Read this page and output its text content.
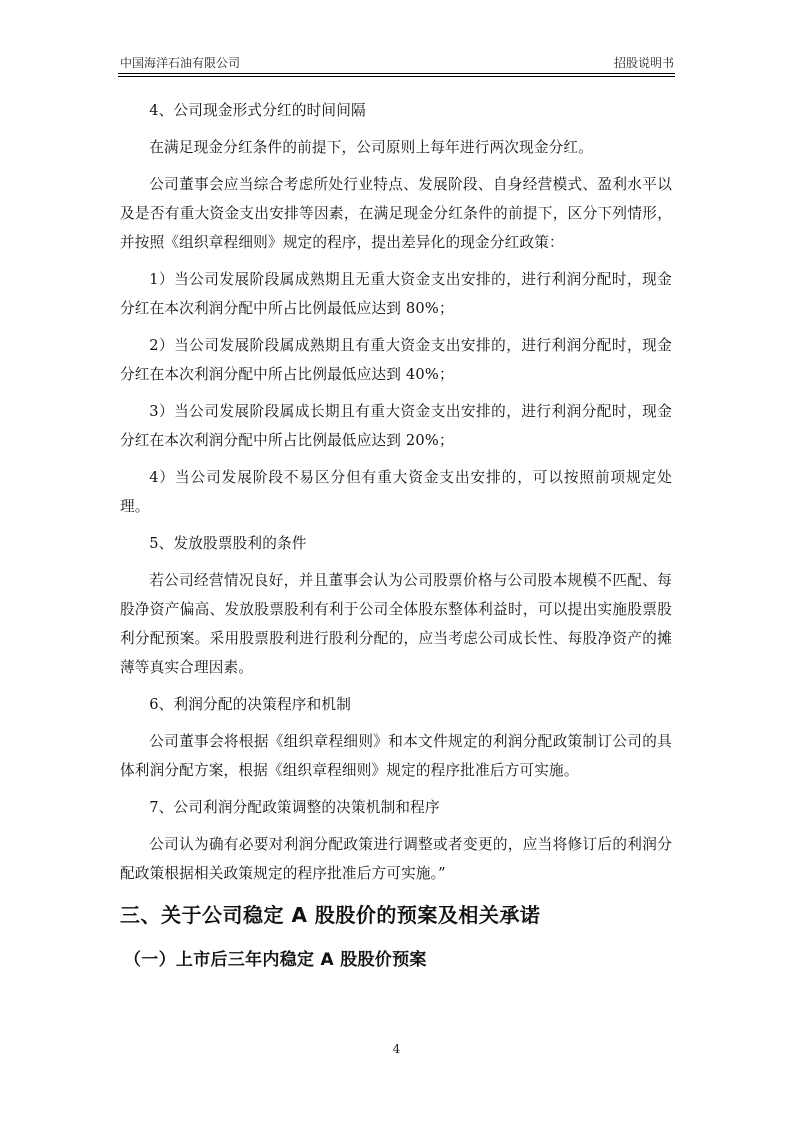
中国海洋石油有限公司	招股说明书

4、公司现金形式分红的时间间隔

在满足现金分红条件的前提下，公司原则上每年进行两次现金分红。

公司董事会应当综合考虑所处行业特点、发展阶段、自身经营模式、盈利水平以及是否有重大资金支出安排等因素，在满足现金分红条件的前提下，区分下列情形，并按照《组织章程细则》规定的程序，提出差异化的现金分红政策：

1）当公司发展阶段属成熟期且无重大资金支出安排的，进行利润分配时，现金分红在本次利润分配中所占比例最低应达到 80%；

2）当公司发展阶段属成熟期且有重大资金支出安排的，进行利润分配时，现金分红在本次利润分配中所占比例最低应达到 40%；

3）当公司发展阶段属成长期且有重大资金支出安排的，进行利润分配时，现金分红在本次利润分配中所占比例最低应达到 20%；

4）当公司发展阶段不易区分但有重大资金支出安排的，可以按照前项规定处理。

5、发放股票股利的条件

若公司经营情况良好，并且董事会认为公司股票价格与公司股本规模不匹配、每股净资产偏高、发放股票股利有利于公司全体股东整体利益时，可以提出实施股票股利分配预案。采用股票股利进行股利分配的，应当考虑公司成长性、每股净资产的摊薄等真实合理因素。

6、利润分配的决策程序和机制

公司董事会将根据《组织章程细则》和本文件规定的利润分配政策制订公司的具体利润分配方案，根据《组织章程细则》规定的程序批准后方可实施。

7、公司利润分配政策调整的决策机制和程序

公司认为确有必要对利润分配政策进行调整或者变更的，应当将修订后的利润分配政策根据相关政策规定的程序批准后方可实施。”

三、关于公司稳定 A 股股价的预案及相关承诺
（一）上市后三年内稳定 A 股股价预案
4
